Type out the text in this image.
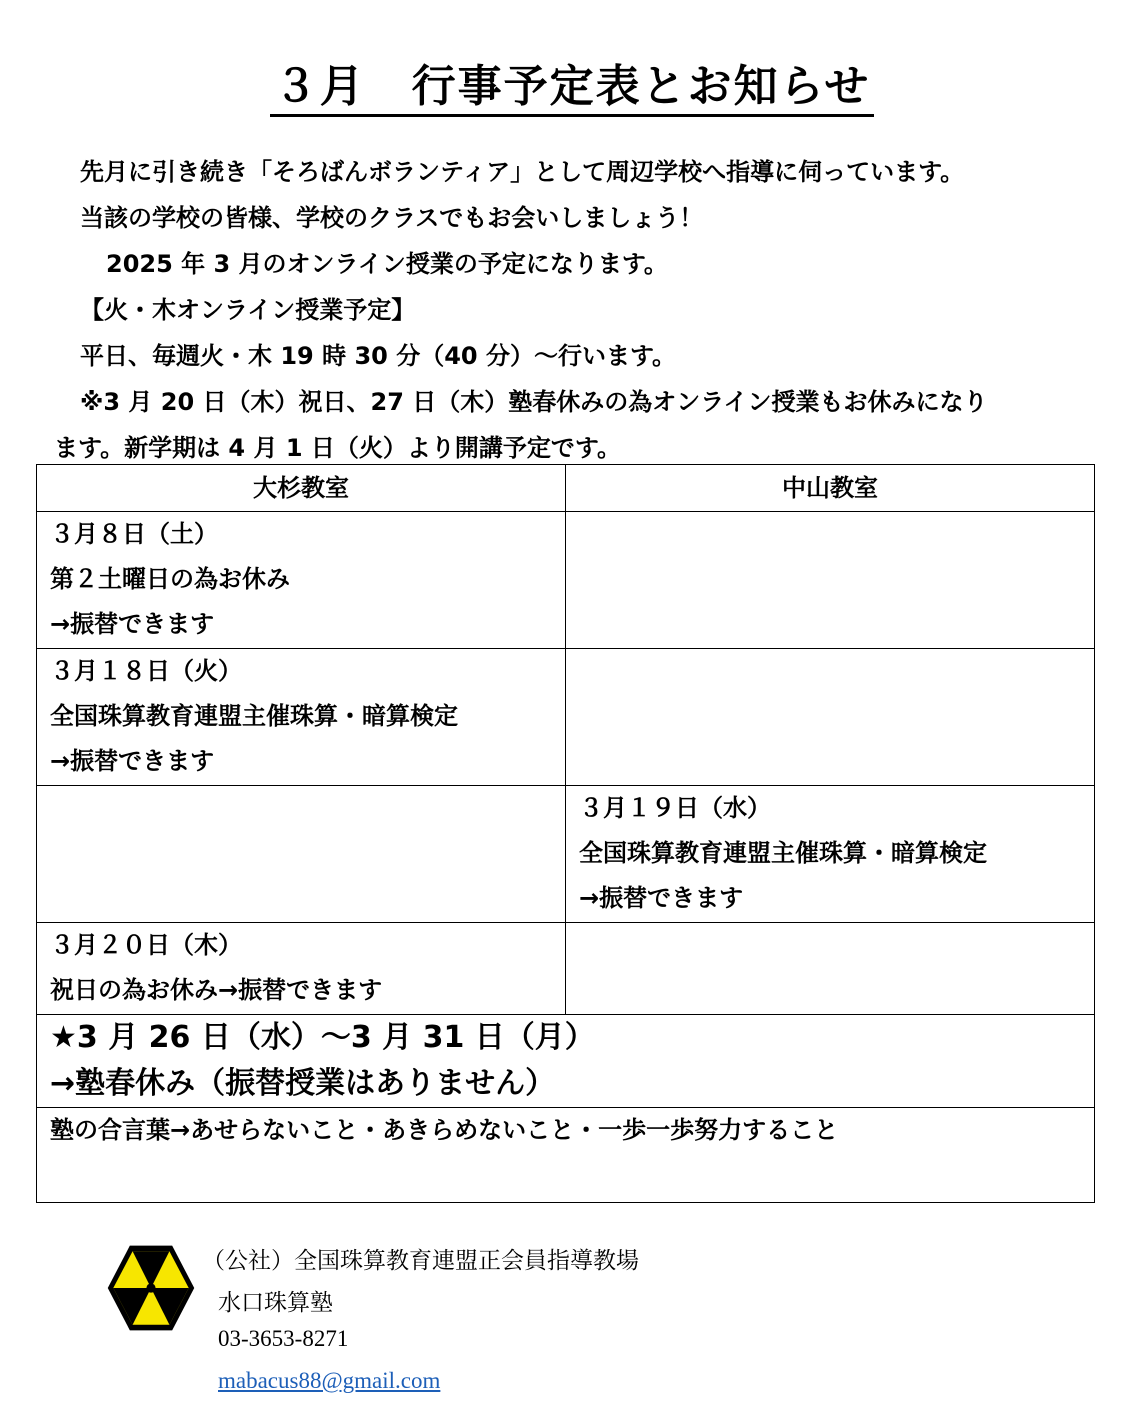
３月　行事予定表とお知らせ
先月に引き続き「そろばんボランティア」として周辺学校へ指導に伺っています。
当該の学校の皆様、学校のクラスでもお会いしましょう！
2025 年 3 月のオンライン授業の予定になります。
【火・木オンライン授業予定】
平日、毎週火・木 19 時 30 分（40 分）～行います。
※3 月 20 日（木）祝日、27 日（木）塾春休みの為オンライン授業もお休みになり
ます。新学期は 4 月 1 日（火）より開講予定です。
大杉教室	中山教室

３月８日（土）
第２土曜日の為お休み
→振替できます	

３月１８日（火）
全国珠算教育連盟主催珠算・暗算検定
→振替できます	

	３月１９日（水）
全国珠算教育連盟主催珠算・暗算検定
→振替できます

３月２０日（木）
祝日の為お休み→振替できます	

★3 月 26 日（水）～3 月 31 日（月）
→塾春休み（振替授業はありません）	

塾の合言葉→あせらないこと・あきらめないこと・一歩一歩努力すること	
（公社）全国珠算教育連盟正会員指導教場
水口珠算塾
03-3653-8271
mabacus88@gmail.com
